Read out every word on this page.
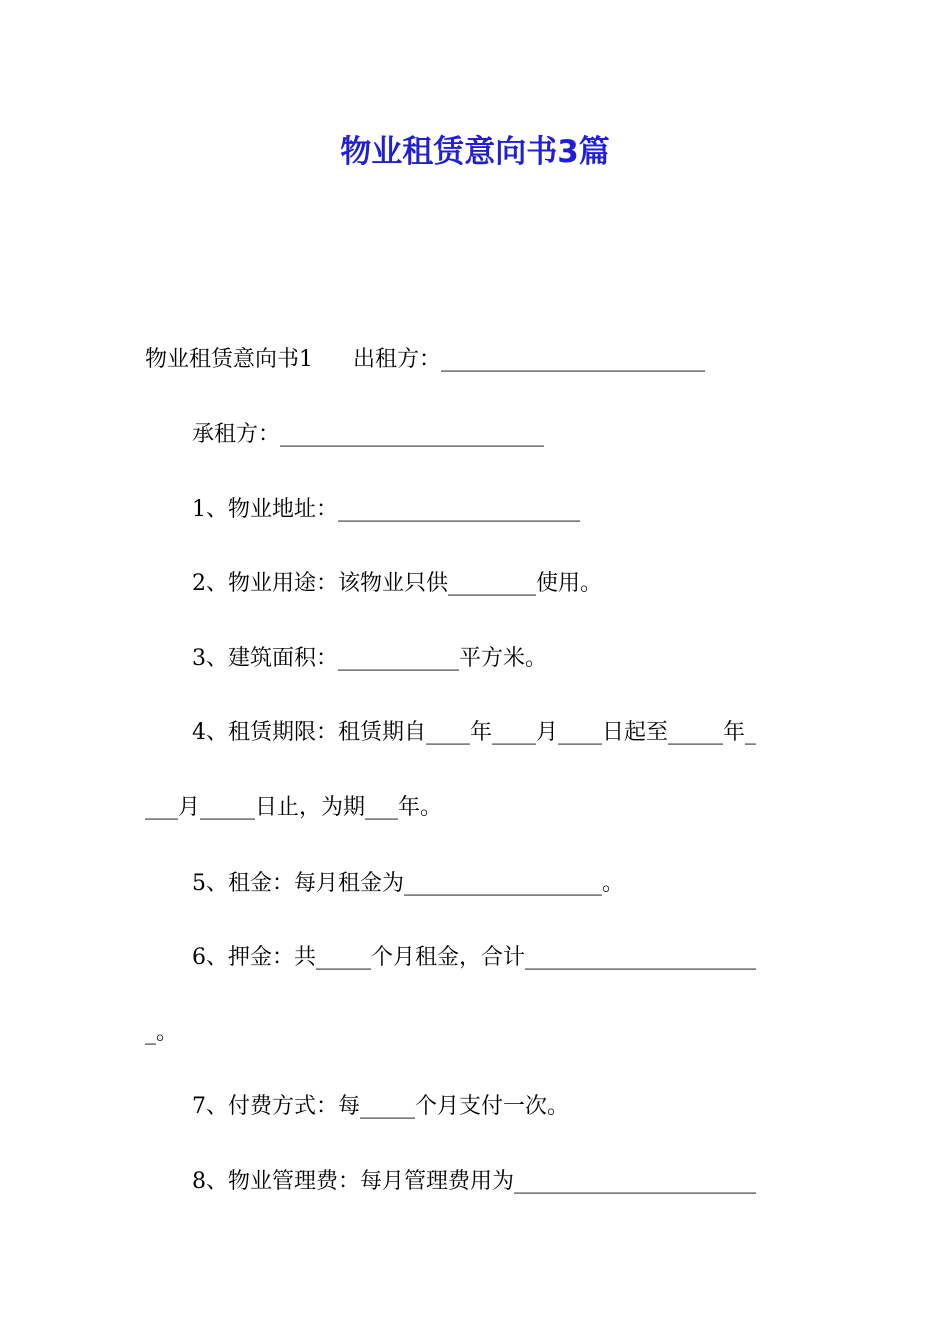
物业租赁意向书3篇
物业租赁意向书1 出租方：________________________
承租方：________________________
1、物业地址：______________________
2、物业用途：该物业只供________使用。
3、建筑面积：___________平方米。
4、租赁期限：租赁期自____年____月____日起至_____年_
___月_____日止，为期___年。
5、租金：每月租金为__________________。
6、押金：共_____个月租金，合计_____________________
_。
7、付费方式：每_____个月支付一次。
8、物业管理费：每月管理费用为______________________
